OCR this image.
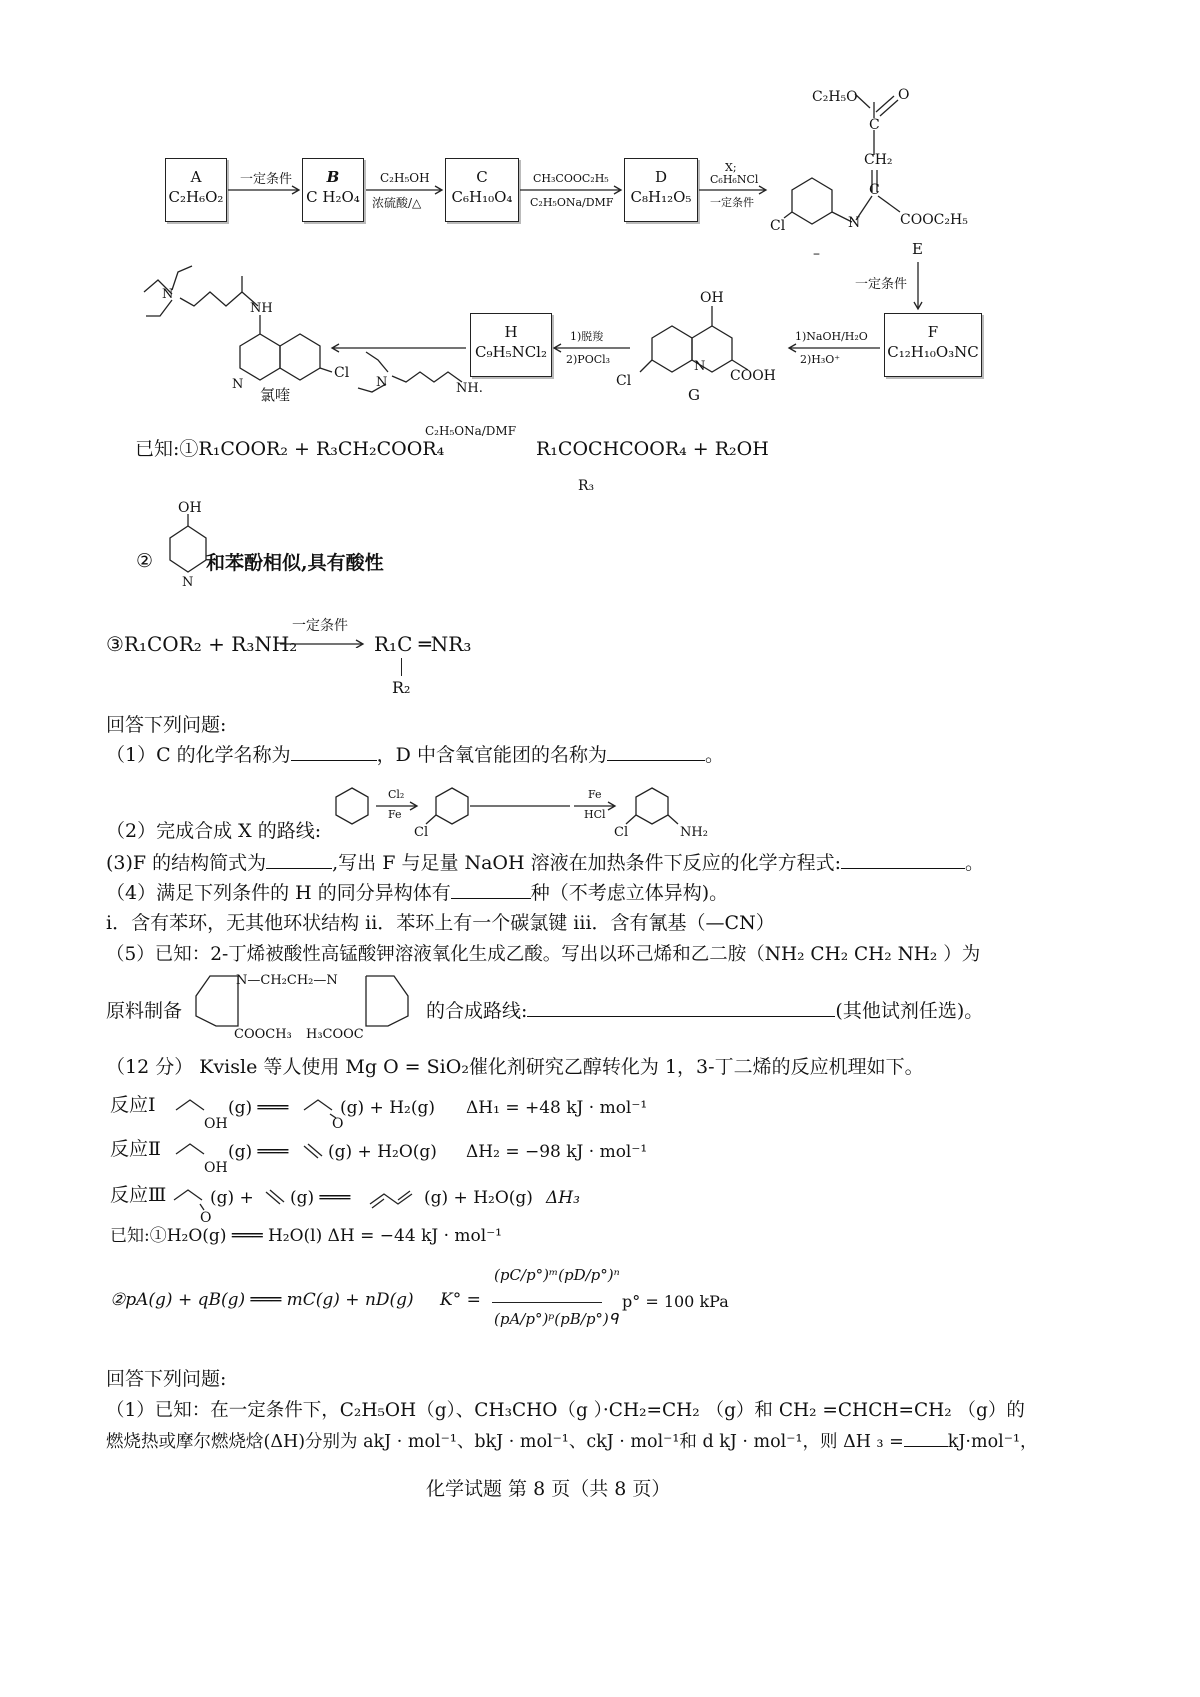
A
C₂H₆O₂
B
C H₂O₄
C
C₆H₁₀O₄
D
C₈H₁₂O₅
H
C₉H₅NCl₂
F
C₁₂H₁₀O₃NC
一定条件	C₂H₅OH
浓硫酸/△
CH₃COOC₂H₅
C₂H₅ONa/DMF
X;
C₆H₆NCl
一定条件
一定条件
1)NaOH/H₂O
2)H₃O⁺
1)脱羧
2)POCl₃
C₂H₅O	O
C
CH₂
C
N	COOC₂H₅
Cl
–	E
OH
N
COOH
Cl
G
N
NH
N
Cl
氯喹
N	NH.
已知:①R₁COOR₂ + R₃CH₂COOR₄
C₂H₅ONa/DMF
R₁COCHCOOR₄ + R₂OH
R₃
OH
N
②	和苯酚相似,具有酸性
③R₁COR₂ + R₃NH₂
一定条件
R₁C ═NR₃
R₂
回答下列问题:
（1）C 的化学名称为	，D 中含氧官能团的名称为	。
Cl₂
Fe
Cl
Fe
HCl
Cl	NH₂
（2）完成合成 X 的路线:
(3)F 的结构简式为	,写出 F 与足量 NaOH 溶液在加热条件下反应的化学方程式:	。
（4）满足下列条件的 H 的同分异构体有	种（不考虑立体异构)。
i．含有苯环，无其他环状结构 ii．苯环上有一个碳氯键 iii．含有氰基（—CN）
（5）已知：2-丁烯被酸性高锰酸钾溶液氧化生成乙酸。写出以环己烯和乙二胺（NH₂ CH₂ CH₂ NH₂ ）为
原料制备
N—CH₂CH₂—N
COOCH₃ H₃COOC
的合成路线:	(其他试剂任选)。
（12 分） Kvisle 等人使用 Mg O = SiO₂催化剂研究乙醇转化为 1，3-丁二烯的反应机理如下。
反应Ⅰ
OH
(g) ═══
O
(g) + H₂(g) ΔH₁ = +48 kJ · mol⁻¹
反应Ⅱ
OH
(g) ═══ (g) + H₂O(g) ΔH₂ = −98 kJ · mol⁻¹
反应Ⅲ
O
(g) + (g) ═══	(g) + H₂O(g) ΔH₃
已知:①H₂O(g) ═══ H₂O(l) ΔH = −44 kJ · mol⁻¹
②pA(g) + qB(g) ═══ mC(g) + nD(g) K° =
(pC/p°)ᵐ(pD/p°)ⁿ
(pA/p°)ᵖ(pB/p°)ᑫ
p° = 100 kPa
回答下列问题:
（1）已知：在一定条件下，C₂H₅OH（g）、CH₃CHO（g ）·CH₂=CH₂ （g）和 CH₂ =CHCH=CH₂ （g）的
燃烧热或摩尔燃烧焓(ΔH)分别为 akJ · mol⁻¹、bkJ · mol⁻¹、ckJ · mol⁻¹和 d kJ · mol⁻¹，则 ΔH ₃ =	kJ·mol⁻¹，
化学试题 第 8 页（共 8 页）
